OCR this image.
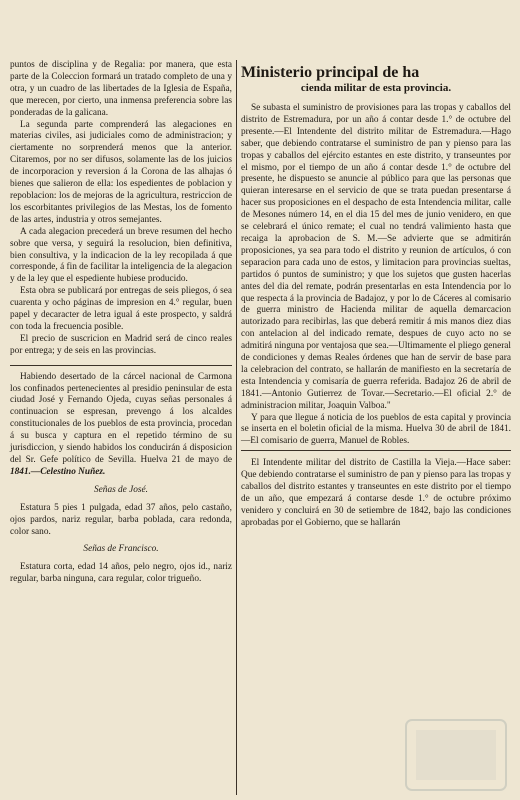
puntos de disciplina y de Regalia: por manera, que esta parte de la Coleccion formará un tratado completo de una y otra, y un cuadro de las libertades de la Iglesia de España, que merecen, por cierto, una inmensa preferencia sobre las ponderadas de la galicana.

La segunda parte comprenderá las alegaciones en materias civiles, asi judiciales como de administracion; y ciertamente no sorprenderá menos que la anterior. Citaremos, por no ser difusos, solamente las de los juicios de incorporacion y reversion á la Corona de las alhajas ó bienes que salieron de ella: los espedientes de poblacion y repoblacion: los de mejoras de la agricultura, restriccion de los escorbitantes privilegios de las Mestas, los de fomento de las artes, industria y otros semejantes.

A cada alegacion precederá un breve resumen del hecho sobre que versa, y seguirá la resolucion, bien definitiva, bien consultiva, y la indicacion de la ley recopilada á que corresponde, á fin de facilitar la inteligencia de la alegacion y de la ley que el espediente hubiese producido.

Esta obra se publicará por entregas de seis pliegos, ó sea cuarenta y ocho páginas de impresion en 4.° regular, buen papel y decaracter de letra igual á este prospecto, y saldrá con toda la frecuencia posible.

El precio de suscricion en Madrid será de cinco reales por entrega; y de seis en las provincias.

Habiendo desertado de la cárcel nacional de Carmona los confinados pertenecientes al presidio peninsular de esta ciudad José y Fernando Ojeda, cuyas señas personales á continuacion se espresan, prevengo á los alcaldes constitucionales de los pueblos de esta provincia, procedan á su busca y captura en el repetido término de su jurisdiccion, y siendo habidos los conducirán á disposicion del Sr. Gefe político de Sevilla. Huelva 21 de mayo de 1841.—Celestino Nuñez.

Señas de José.

Estatura 5 pies 1 pulgada, edad 37 años, pelo castaño, ojos pardos, nariz regular, barba poblada, cara redonda, color sano.

Señas de Francisco.

Estatura corta, edad 14 años, pelo negro, ojos id., nariz regular, barba ninguna, cara regular, color trigueño.

Ministerio principal de ha

cienda militar de esta provincia.

Se subasta el suministro de provisiones para las tropas y caballos del distrito de Estremadura, por un año á contar desde 1.° de octubre del presente.—El Intendente del distrito militar de Estremadura.—Hago saber, que debiendo contratarse el suministro de pan y pienso para las tropas y caballos del ejército estantes en este distrito, y transeuntes por el mismo, por el tiempo de un año á contar desde 1.° de octubre del presente, he dispuesto se anuncie al público para que las personas que quieran interesarse en el servicio de que se trata puedan presentarse á hacer sus proposiciones en el despacho de esta Intendencia militar, calle de Mesones número 14, en el dia 15 del mes de junio venidero, en que se celebrará el único remate; el cual no tendrá valimiento hasta que recaiga la aprobacion de S. M.—Se advierte que se admitirán proposiciones, ya sea para todo el distrito y reunion de artículos, ó con separacion para cada uno de estos, y limitacion para provincias sueltas, partidos ó puntos de suministro; y que los sujetos que gusten hacerlas antes del dia del remate, podrán presentarlas en esta Intendencia por lo que respecta á la provincia de Badajoz, y por lo de Cáceres al comisario de guerra ministro de Hacienda militar de aquella demarcacion autorizado para recibirlas, las que deberá remitir á mis manos diez dias con antelacion al del indicado remate, despues de cuyo acto no se admitirá ninguna por ventajosa que sea.—Ultimamente el pliego general de condiciones y demas Reales órdenes que han de servir de base para la celebracion del contrato, se hallarán de manifiesto en la secretaría de esta Intendencia y comisaría de guerra referida. Badajoz 26 de abril de 1841.—Antonio Gutierrez de Tovar.—Secretario.—El oficial 2.° de administracion militar, Joaquin Valboa."

Y para que llegue á noticia de los pueblos de esta capital y provincia se inserta en el boletin oficial de la misma. Huelva 30 de abril de 1841.—El comisario de guerra, Manuel de Robles.

El Intendente militar del distrito de Castilla la Vieja.—Hace saber: Que debiendo contratarse el suministro de pan y pienso para las tropas y caballos del distrito estantes y transeuntes en este distrito por el tiempo de un año, que empezará á contarse desde 1.° de octubre próximo venidero y concluirá en 30 de setiembre de 1842, bajo las condiciones aprobadas por el Gobierno, que se hallarán
